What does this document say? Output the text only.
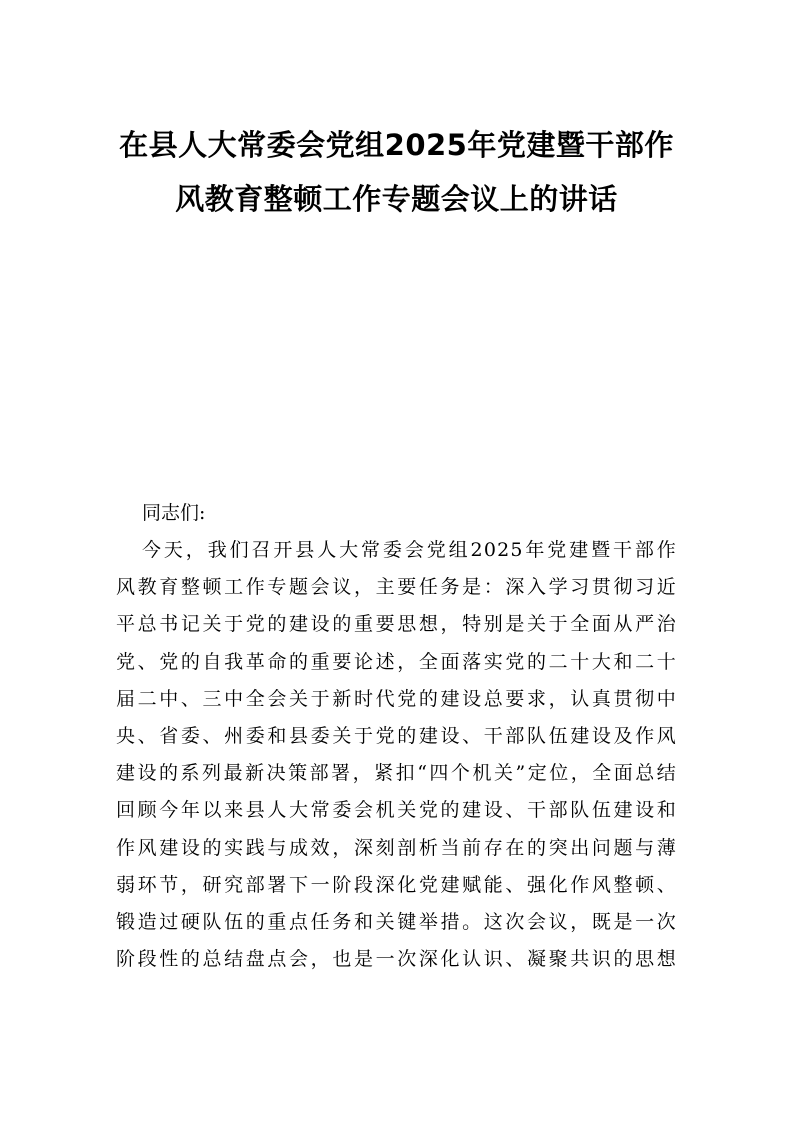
在县人大常委会党组2025年党建暨干部作
风教育整顿工作专题会议上的讲话

同志们:

今天，我们召开县人大常委会党组2025年党建暨干部作
风教育整顿工作专题会议，主要任务是：深入学习贯彻习近
平总书记关于党的建设的重要思想，特别是关于全面从严治
党、党的自我革命的重要论述，全面落实党的二十大和二十
届二中、三中全会关于新时代党的建设总要求，认真贯彻中
央、省委、州委和县委关于党的建设、干部队伍建设及作风
建设的系列最新决策部署，紧扣“四个机关”定位，全面总结
回顾今年以来县人大常委会机关党的建设、干部队伍建设和
作风建设的实践与成效，深刻剖析当前存在的突出问题与薄
弱环节，研究部署下一阶段深化党建赋能、强化作风整顿、
锻造过硬队伍的重点任务和关键举措。这次会议，既是一次
阶段性的总结盘点会，也是一次深化认识、凝聚共识的思想
